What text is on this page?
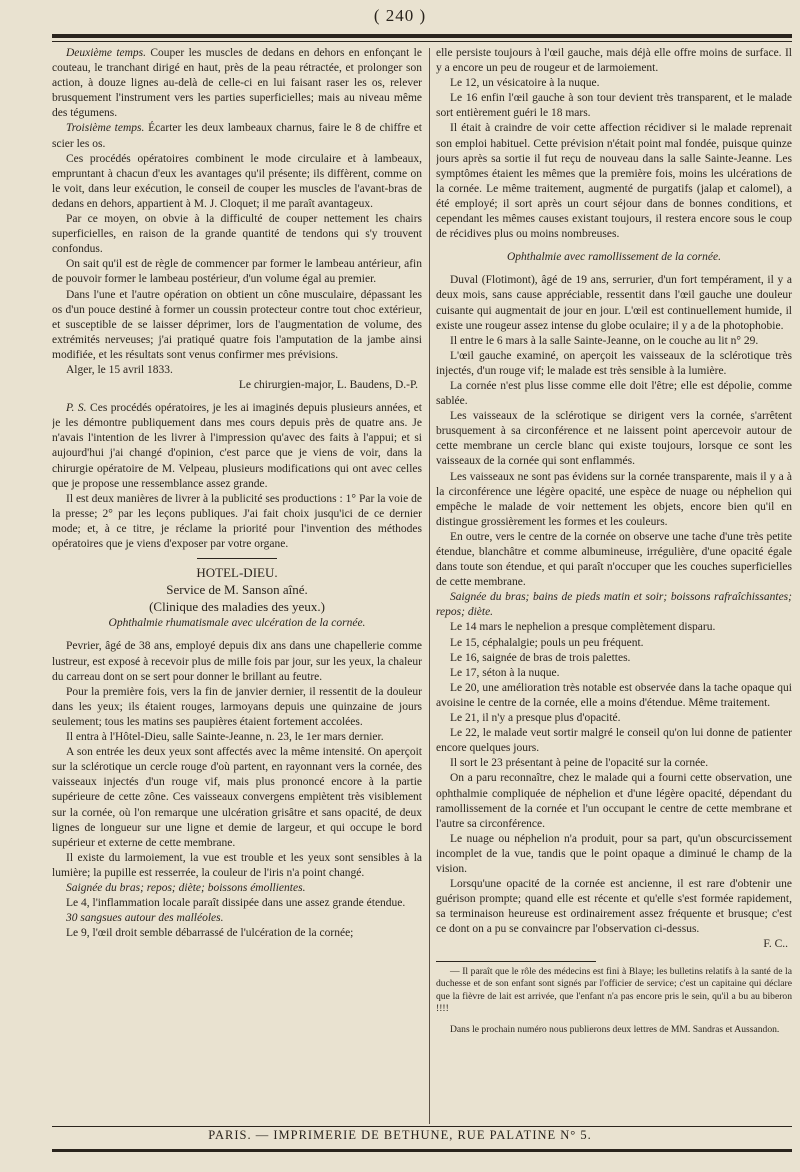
( 240 )

Deuxième temps. Couper les muscles de dedans en dehors en enfonçant le couteau, le tranchant dirigé en haut, près de la peau rétractée, et prolonger son action, à douze lignes au-delà de celle-ci en lui faisant raser les os, relever brusquement l'instrument vers les parties superficielles; mais au niveau même des tégumens.

Troisième temps. Écarter les deux lambeaux charnus, faire le 8 de chiffre et scier les os.

Ces procédés opératoires combinent le mode circulaire et à lambeaux, empruntant à chacun d'eux les avantages qu'il présente; ils diffèrent, comme on le voit, dans leur exécution, le conseil de couper les muscles de l'avant-bras de dedans en dehors, appartient à M. J. Cloquet; il me paraît avantageux.

Par ce moyen, on obvie à la difficulté de couper nettement les chairs superficielles, en raison de la grande quantité de tendons qui s'y trouvent confondus.

On sait qu'il est de règle de commencer par former le lambeau antérieur, afin de pouvoir former le lambeau postérieur, d'un volume égal au premier.

Dans l'une et l'autre opération on obtient un cône musculaire, dépassant les os d'un pouce destiné à former un coussin protecteur contre tout choc extérieur, et susceptible de se laisser déprimer, lors de l'augmentation de volume, des extrémités nerveuses; j'ai pratiqué quatre fois l'amputation de la jambe ainsi modifiée, et les résultats sont venus confirmer mes prévisions.

Alger, le 15 avril 1833.

Le chirurgien-major, L. Baudens, D.-P.

P. S. Ces procédés opératoires, je les ai imaginés depuis plusieurs années, et je les démontre publiquement dans mes cours depuis près de quatre ans. Je n'avais l'intention de les livrer à l'impression qu'avec des faits à l'appui; et si aujourd'hui j'ai changé d'opinion, c'est parce que je viens de voir, dans la chirurgie opératoire de M. Velpeau, plusieurs modifications qui ont avec celles que je propose une ressemblance assez grande.

Il est deux manières de livrer à la publicité ses productions : 1° Par la voie de la presse; 2° par les leçons publiques. J'ai fait choix jusqu'ici de ce dernier mode; et, à ce titre, je réclame la priorité pour l'invention des méthodes opératoires que je viens d'exposer par votre organe.

HOTEL-DIEU.

Service de M. Sanson aîné.

(Clinique des maladies des yeux.)

Ophthalmie rhumatismale avec ulcération de la cornée.

Pevrier, âgé de 38 ans, employé depuis dix ans dans une chapellerie comme lustreur, est exposé à recevoir plus de mille fois par jour, sur les yeux, la chaleur du carreau dont on se sert pour donner le brillant au feutre.

Pour la première fois, vers la fin de janvier dernier, il ressentit de la douleur dans les yeux; ils étaient rouges, larmoyans depuis une quinzaine de jours seulement; tous les matins ses paupières étaient fortement accolées.

Il entra à l'Hôtel-Dieu, salle Sainte-Jeanne, n. 23, le 1er mars dernier.

A son entrée les deux yeux sont affectés avec la même intensité. On aperçoit sur la sclérotique un cercle rouge d'où partent, en rayonnant vers la cornée, des vaisseaux injectés d'un rouge vif, mais plus prononcé encore à la partie supérieure de cette zône. Ces vaisseaux convergens empiètent très visiblement sur la cornée, où l'on remarque une ulcération grisâtre et sans opacité, de deux lignes de longueur sur une ligne et demie de largeur, et qui occupe le bord supérieur et externe de cette membrane.

Il existe du larmoiement, la vue est trouble et les yeux sont sensibles à la lumière; la pupille est resserrée, la couleur de l'iris n'a point changé.

Saignée du bras; repos; diète; boissons émollientes.

Le 4, l'inflammation locale paraît dissipée dans une assez grande étendue.

30 sangsues autour des malléoles.

Le 9, l'œil droit semble débarrassé de l'ulcération de la cornée;

elle persiste toujours à l'œil gauche, mais déjà elle offre moins de surface. Il y a encore un peu de rougeur et de larmoiement.

Le 12, un vésicatoire à la nuque.

Le 16 enfin l'œil gauche à son tour devient très transparent, et le malade sort entièrement guéri le 18 mars.

Il était à craindre de voir cette affection récidiver si le malade reprenait son emploi habituel. Cette prévision n'était point mal fondée, puisque quinze jours après sa sortie il fut reçu de nouveau dans la salle Sainte-Jeanne. Les symptômes étaient les mêmes que la première fois, moins les ulcérations de la cornée. Le même traitement, augmenté de purgatifs (jalap et calomel), a été employé; il sort après un court séjour dans de bonnes conditions, et cependant les mêmes causes existant toujours, il restera encore sous le coup de récidives plus ou moins nombreuses.

Ophthalmie avec ramollissement de la cornée.

Duval (Flotimont), âgé de 19 ans, serrurier, d'un fort tempérament, il y a deux mois, sans cause appréciable, ressentit dans l'œil gauche une douleur cuisante qui augmentait de jour en jour. L'œil est continuellement humide, il existe une rougeur assez intense du globe oculaire; il y a de la photophobie.

Il entre le 6 mars à la salle Sainte-Jeanne, on le couche au lit n° 29.

L'œil gauche examiné, on aperçoit les vaisseaux de la sclérotique très injectés, d'un rouge vif; le malade est très sensible à la lumière.

La cornée n'est plus lisse comme elle doit l'être; elle est dépolie, comme sablée.

Les vaisseaux de la sclérotique se dirigent vers la cornée, s'arrêtent brusquement à sa circonférence et ne laissent point apercevoir autour de cette membrane un cercle blanc qui existe toujours, lorsque ce sont les vaisseaux de la cornée qui sont enflammés.

Les vaisseaux ne sont pas évidens sur la cornée transparente, mais il y a à la circonférence une légère opacité, une espèce de nuage ou néphelion qui empêche le malade de voir nettement les objets, encore bien qu'il en distingue grossièrement les formes et les couleurs.

En outre, vers le centre de la cornée on observe une tache d'une très petite étendue, blanchâtre et comme albumineuse, irrégulière, d'une opacité égale dans toute son étendue, et qui paraît n'occuper que les couches superficielles de cette membrane.

Saignée du bras; bains de pieds matin et soir; boissons rafraîchissantes; repos; diète.

Le 14 mars le nephelion a presque complètement disparu.

Le 15, céphalalgie; pouls un peu fréquent.

Le 16, saignée de bras de trois palettes.

Le 17, séton à la nuque.

Le 20, une amélioration très notable est observée dans la tache opaque qui avoisine le centre de la cornée, elle a moins d'étendue. Même traitement.

Le 21, il n'y a presque plus d'opacité.

Le 22, le malade veut sortir malgré le conseil qu'on lui donne de patienter encore quelques jours.

Il sort le 23 présentant à peine de l'opacité sur la cornée.

On a paru reconnaître, chez le malade qui a fourni cette observation, une ophthalmie compliquée de néphelion et d'une légère opacité, dépendant du ramollissement de la cornée et l'un occupant le centre de cette membrane et l'autre sa circonférence.

Le nuage ou néphelion n'a produit, pour sa part, qu'un obscurcissement incomplet de la vue, tandis que le point opaque a diminué le champ de la vision.

Lorsqu'une opacité de la cornée est ancienne, il est rare d'obtenir une guérison prompte; quand elle est récente et qu'elle s'est formée rapidement, sa terminaison heureuse est ordinairement assez fréquente et brusque; c'est ce dont on a pu se convaincre par l'observation ci-dessus.

F. C..

— Il paraît que le rôle des médecins est fini à Blaye; les bulletins relatifs à la santé de la duchesse et de son enfant sont signés par l'officier de service; c'est un capitaine qui déclare que la fièvre de lait est arrivée, que l'enfant n'a pas encore pris le sein, qu'il a bu au biberon !!!!

Dans le prochain numéro nous publierons deux lettres de MM. Sandras et Aussandon.

PARIS. — IMPRIMERIE DE BETHUNE, RUE PALATINE N° 5.
